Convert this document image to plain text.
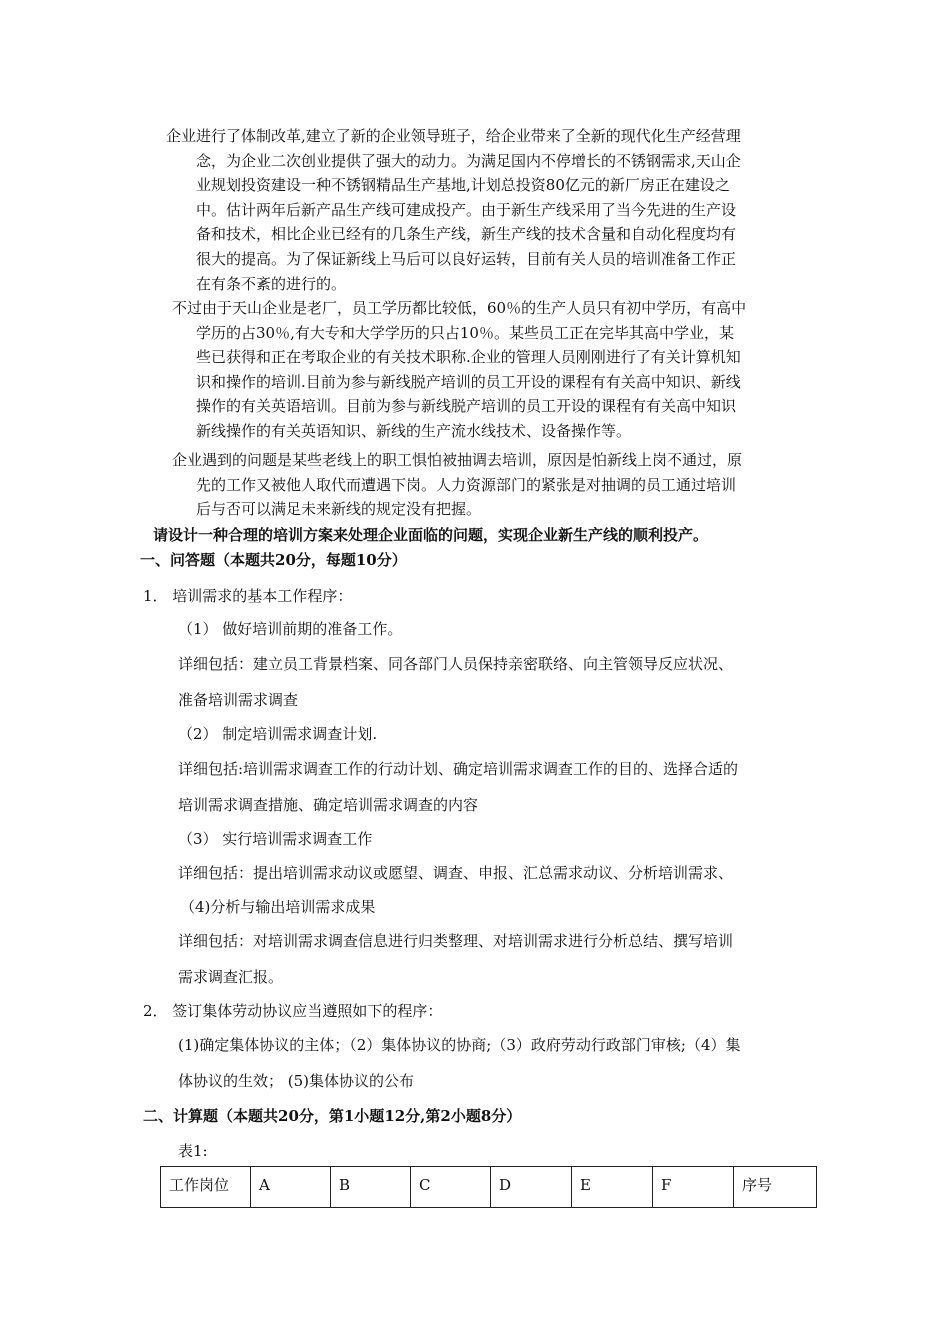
企业进行了体制改革,建立了新的企业领导班子，给企业带来了全新的现代化生产经营理
念，为企业二次创业提供了强大的动力。为满足国内不停增长的不锈钢需求,天山企
业规划投资建设一种不锈钢精品生产基地,计划总投资80亿元的新厂房正在建设之
中。估计两年后新产品生产线可建成投产。由于新生产线采用了当今先进的生产设
备和技术，相比企业已经有的几条生产线，新生产线的技术含量和自动化程度均有
很大的提高。为了保证新线上马后可以良好运转，目前有关人员的培训准备工作正
在有条不紊的进行的。
不过由于天山企业是老厂，员工学历都比较低，60％的生产人员只有初中学历，有高中
学历的占30％,有大专和大学学历的只占10％。某些员工正在完毕其高中学业，某
些已获得和正在考取企业的有关技术职称.企业的管理人员刚刚进行了有关计算机知
识和操作的培训.目前为参与新线脱产培训的员工开设的课程有有关高中知识、新线
操作的有关英语培训。目前为参与新线脱产培训的员工开设的课程有有关高中知识
新线操作的有关英语知识、新线的生产流水线技术、设备操作等。
企业遇到的问题是某些老线上的职工惧怕被抽调去培训，原因是怕新线上岗不通过，原
先的工作又被他人取代而遭遇下岗。人力资源部门的紧张是对抽调的员工通过培训
后与否可以满足未来新线的规定没有把握。
请设计一种合理的培训方案来处理企业面临的问题，实现企业新生产线的顺利投产。
一、问答题（本题共20分，每题10分）
1． 培训需求的基本工作程序：
（1） 做好培训前期的准备工作。
详细包括：建立员工背景档案、同各部门人员保持亲密联络、向主管领导反应状况、
准备培训需求调查
（2） 制定培训需求调查计划.
详细包括:培训需求调查工作的行动计划、确定培训需求调查工作的目的、选择合适的
培训需求调查措施、确定培训需求调查的内容
（3） 实行培训需求调查工作
详细包括：提出培训需求动议或愿望、调查、申报、汇总需求动议、分析培训需求、
（4)分析与输出培训需求成果
详细包括：对培训需求调查信息进行归类整理、对培训需求进行分析总结、撰写培训
需求调查汇报。
2． 签订集体劳动协议应当遵照如下的程序：
(1)确定集体协议的主体；（2）集体协议的协商;（3）政府劳动行政部门审核;（4）集
体协议的生效； (5)集体协议的公布
二、计算题（本题共20分，第1小题12分,第2小题8分）
表1:
工作岗位	A	B	C	D	E	F	序号
